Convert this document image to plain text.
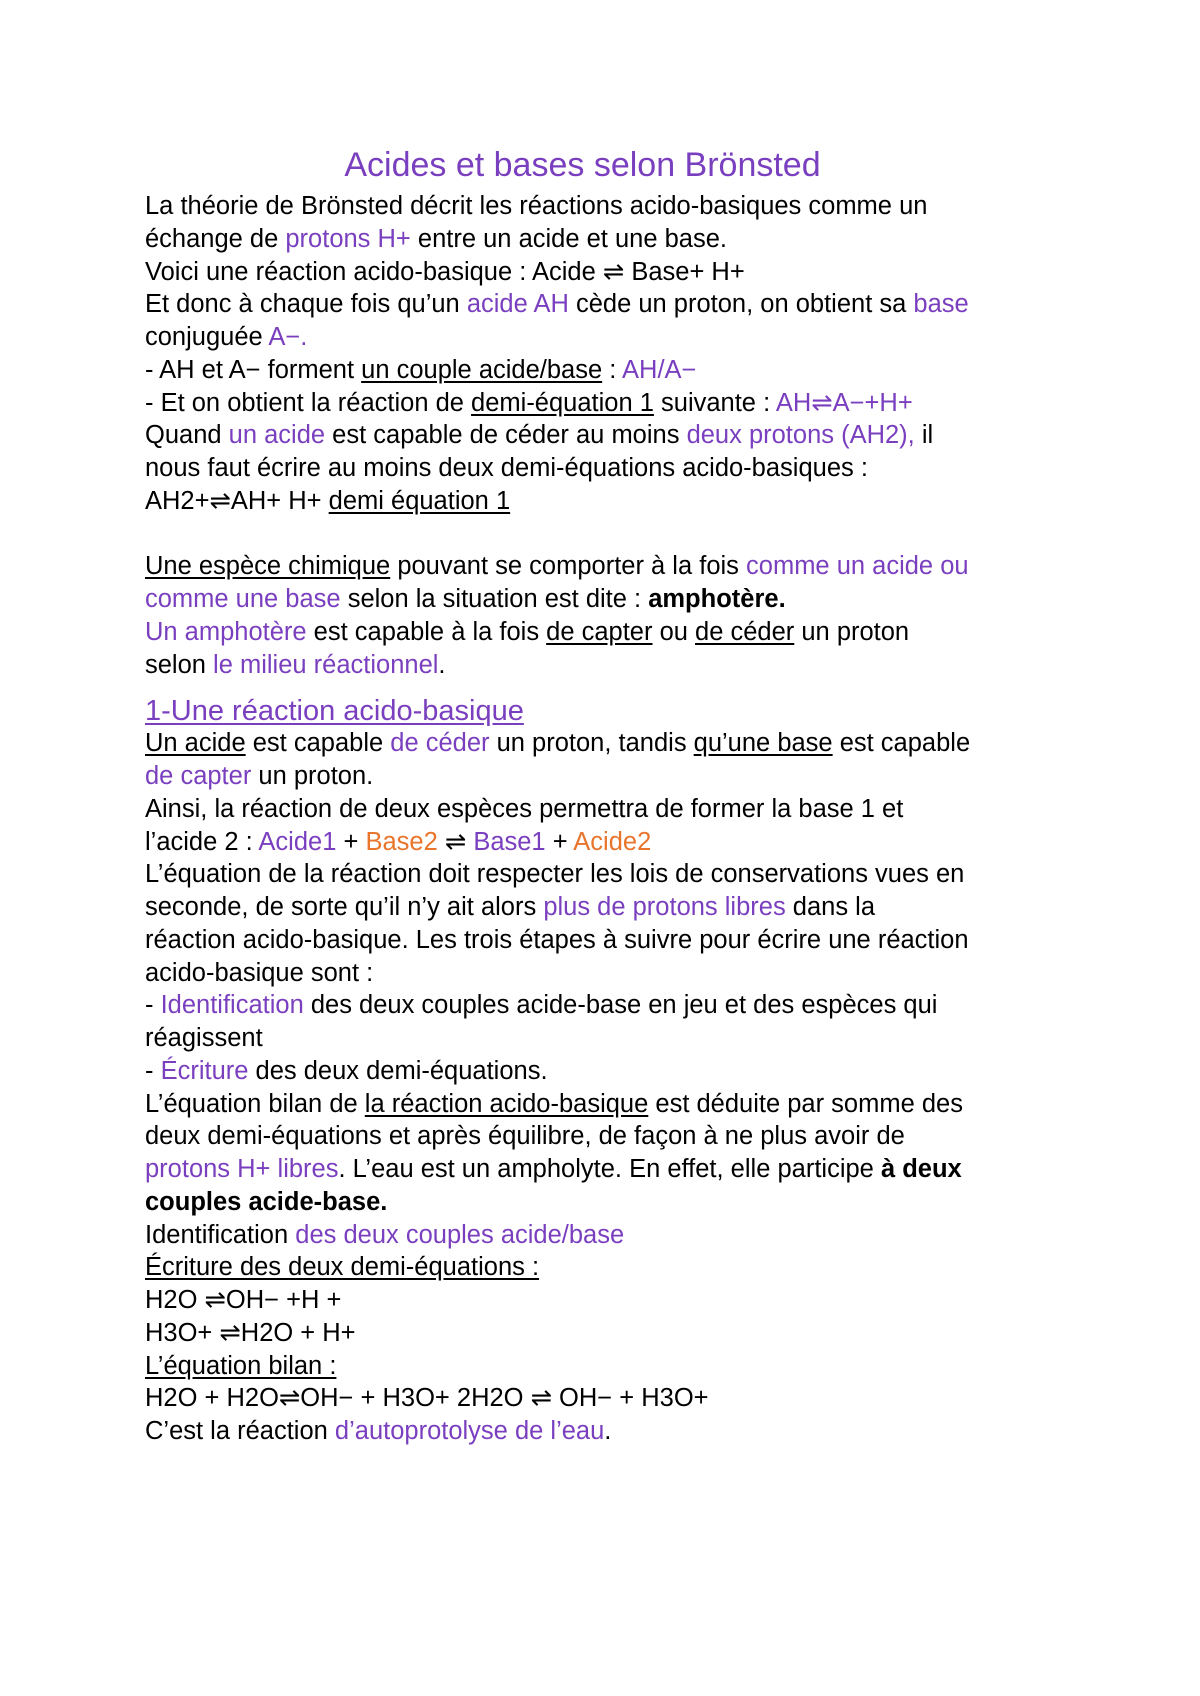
Acides et bases selon Brönsted
La théorie de Brönsted décrit les réactions acido-basiques comme un
échange de protons H+ entre un acide et une base.
Voici une réaction acido-basique : Acide ⇌ Base+ H+
Et donc à chaque fois qu’un acide AH cède un proton, on obtient sa base
conjuguée A−.
- AH et A− forment un couple acide/base : AH/A−
- Et on obtient la réaction de demi-équation 1 suivante : AH⇌A−+H+
Quand un acide est capable de céder au moins deux protons (AH2), il
nous faut écrire au moins deux demi-équations acido-basiques :
AH2+⇌AH+ H+ demi équation 1
Une espèce chimique pouvant se comporter à la fois comme un acide ou
comme une base selon la situation est dite : amphotère.
Un amphotère est capable à la fois de capter ou de céder un proton
selon le milieu réactionnel.
1-Une réaction acido-basique
Un acide est capable de céder un proton, tandis qu’une base est capable
de capter un proton.
Ainsi, la réaction de deux espèces permettra de former la base 1 et
l’acide 2 : Acide1 + Base2 ⇌ Base1 + Acide2
L’équation de la réaction doit respecter les lois de conservations vues en
seconde, de sorte qu’il n’y ait alors plus de protons libres dans la
réaction acido-basique. Les trois étapes à suivre pour écrire une réaction
acido-basique sont :
- Identification des deux couples acide-base en jeu et des espèces qui
réagissent
- Écriture des deux demi-équations.
L’équation bilan de la réaction acido-basique est déduite par somme des
deux demi-équations et après équilibre, de façon à ne plus avoir de
protons H+ libres. L’eau est un ampholyte. En effet, elle participe à deux
couples acide-base.
Identification des deux couples acide/base
Écriture des deux demi-équations :
H2O ⇌OH− +H +
H3O+ ⇌H2O + H+
L’équation bilan :
H2O + H2O⇌OH− + H3O+ 2H2O ⇌ OH− + H3O+
C’est la réaction d’autoprotolyse de l’eau.
